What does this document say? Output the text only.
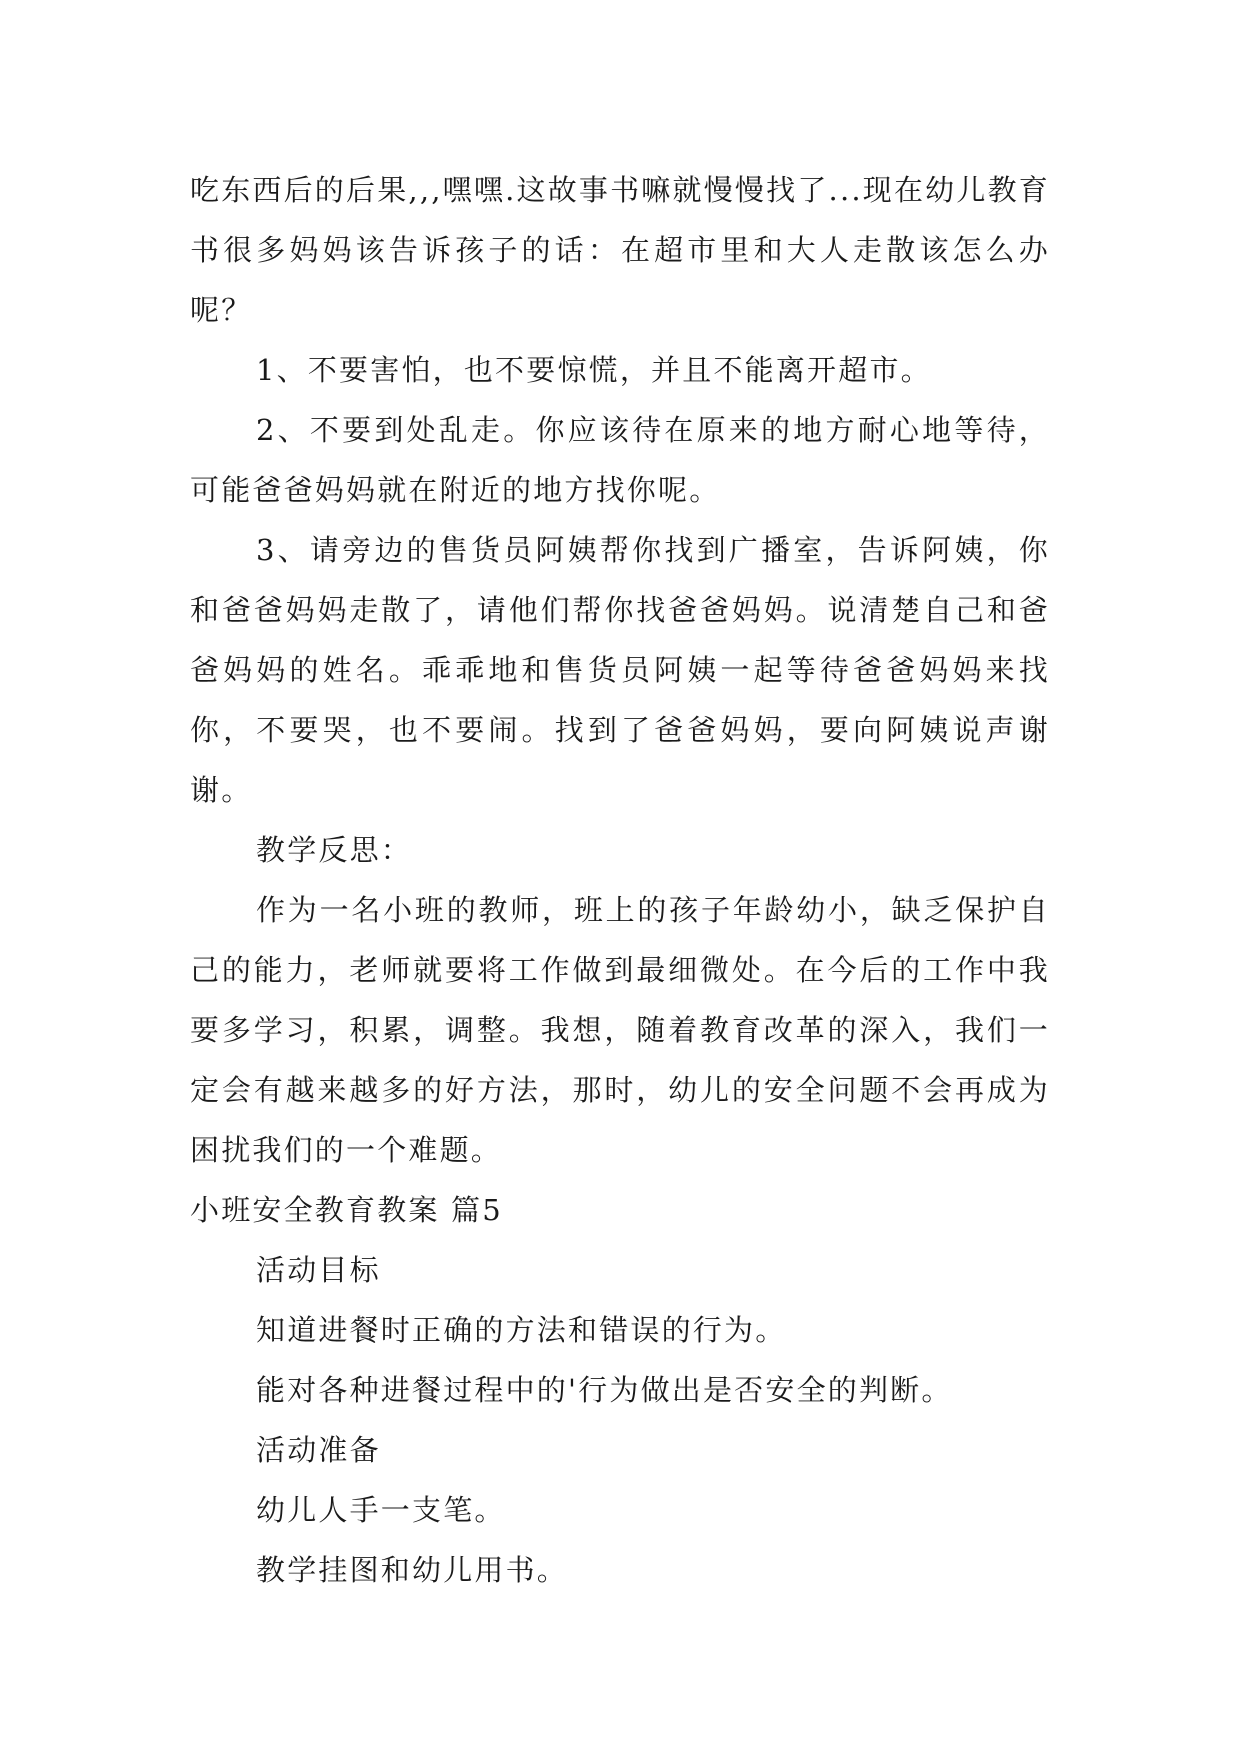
吃东西后的后果,,,嘿嘿.这故事书嘛就慢慢找了...现在幼儿教育书很多妈妈该告诉孩子的话：在超市里和大人走散该怎么办呢？

1、不要害怕，也不要惊慌，并且不能离开超市。

2、不要到处乱走。你应该待在原来的地方耐心地等待，可能爸爸妈妈就在附近的地方找你呢。

3、请旁边的售货员阿姨帮你找到广播室，告诉阿姨，你和爸爸妈妈走散了，请他们帮你找爸爸妈妈。说清楚自己和爸爸妈妈的姓名。乖乖地和售货员阿姨一起等待爸爸妈妈来找你，不要哭，也不要闹。找到了爸爸妈妈，要向阿姨说声谢谢。

教学反思：

作为一名小班的教师，班上的孩子年龄幼小，缺乏保护自己的能力，老师就要将工作做到最细微处。在今后的工作中我要多学习，积累，调整。我想，随着教育改革的深入，我们一定会有越来越多的好方法，那时，幼儿的安全问题不会再成为困扰我们的一个难题。

小班安全教育教案 篇5

活动目标

知道进餐时正确的方法和错误的行为。

能对各种进餐过程中的'行为做出是否安全的判断。

活动准备

幼儿人手一支笔。

教学挂图和幼儿用书。
